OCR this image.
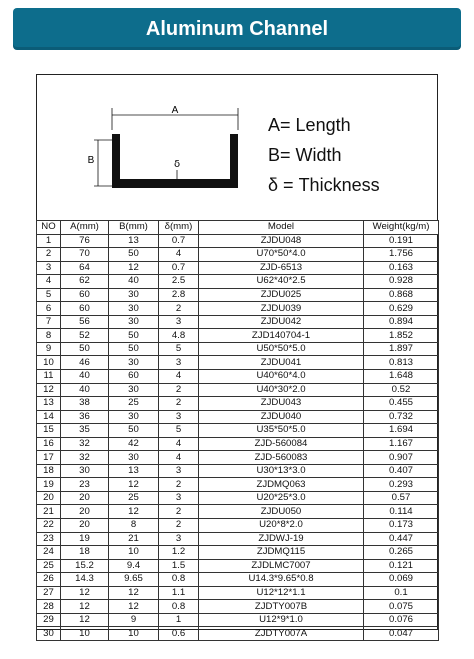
Aluminum Channel
A
B	δ
A= Length
B= Width
δ = Thickness
NO	A(mm)	B(mm)	δ(mm)	Model	Weight(kg/m)
1	76	13	0.7	ZJDU048	0.191
2	70	50	4	U70*50*4.0	1.756
3	64	12	0.7	ZJD-6513	0.163
4	62	40	2.5	U62*40*2.5	0.928
5	60	30	2.8	ZJDU025	0.868
6	60	30	2	ZJDU039	0.629
7	56	30	3	ZJDU042	0.894
8	52	50	4.8	ZJD140704-1	1.852
9	50	50	5	U50*50*5.0	1.897
10	46	30	3	ZJDU041	0.813
11	40	60	4	U40*60*4.0	1.648
12	40	30	2	U40*30*2.0	0.52
13	38	25	2	ZJDU043	0.455
14	36	30	3	ZJDU040	0.732
15	35	50	5	U35*50*5.0	1.694
16	32	42	4	ZJD-560084	1.167
17	32	30	4	ZJD-560083	0.907
18	30	13	3	U30*13*3.0	0.407
19	23	12	2	ZJDMQ063	0.293
20	20	25	3	U20*25*3.0	0.57
21	20	12	2	ZJDU050	0.114
22	20	8	2	U20*8*2.0	0.173
23	19	21	3	ZJDWJ-19	0.447
24	18	10	1.2	ZJDMQ115	0.265
25	15.2	9.4	1.5	ZJDLMC7007	0.121
26	14.3	9.65	0.8	U14.3*9.65*0.8	0.069
27	12	12	1.1	U12*12*1.1	0.1
28	12	12	0.8	ZJDTY007B	0.075
29	12	9	1	U12*9*1.0	0.076
30	10	10	0.6	ZJDTY007A	0.047
